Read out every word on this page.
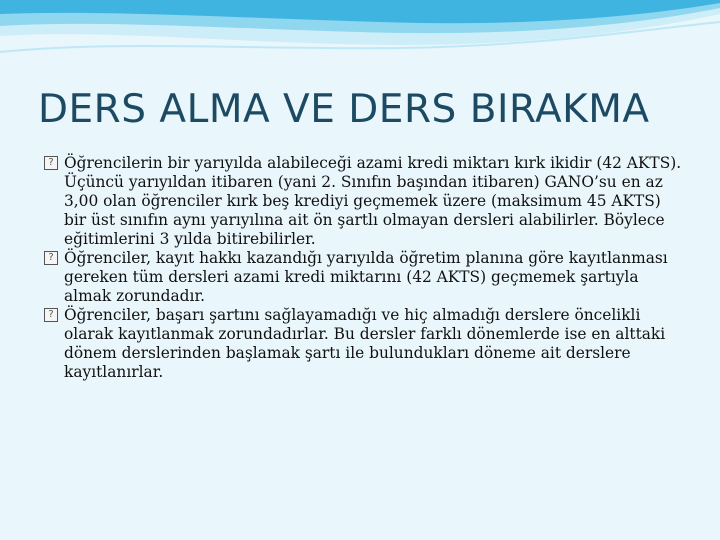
DERS ALMA VE DERS BIRAKMA

? Öğrencilerin bir yarıyılda alabileceği azami kredi miktarı kırk ikidir (42 AKTS). Üçüncü yarıyıldan itibaren (yani 2. Sınıfın başından itibaren) GANO’su en az 3,00 olan öğrenciler kırk beş krediyi geçmemek üzere (maksimum 45 AKTS) bir üst sınıfın aynı yarıyılına ait ön şartlı olmayan dersleri alabilirler. Böylece eğitimlerini 3 yılda bitirebilirler.

? Öğrenciler, kayıt hakkı kazandığı yarıyılda öğretim planına göre kayıtlanması gereken tüm dersleri azami kredi miktarını (42 AKTS) geçmemek şartıyla almak zorundadır.

? Öğrenciler, başarı şartını sağlayamadığı ve hiç almadığı derslere öncelikli olarak kayıtlanmak zorundadırlar. Bu dersler farklı dönemlerde ise en alttaki dönem derslerinden başlamak şartı ile bulundukları döneme ait derslere kayıtlanırlar.
